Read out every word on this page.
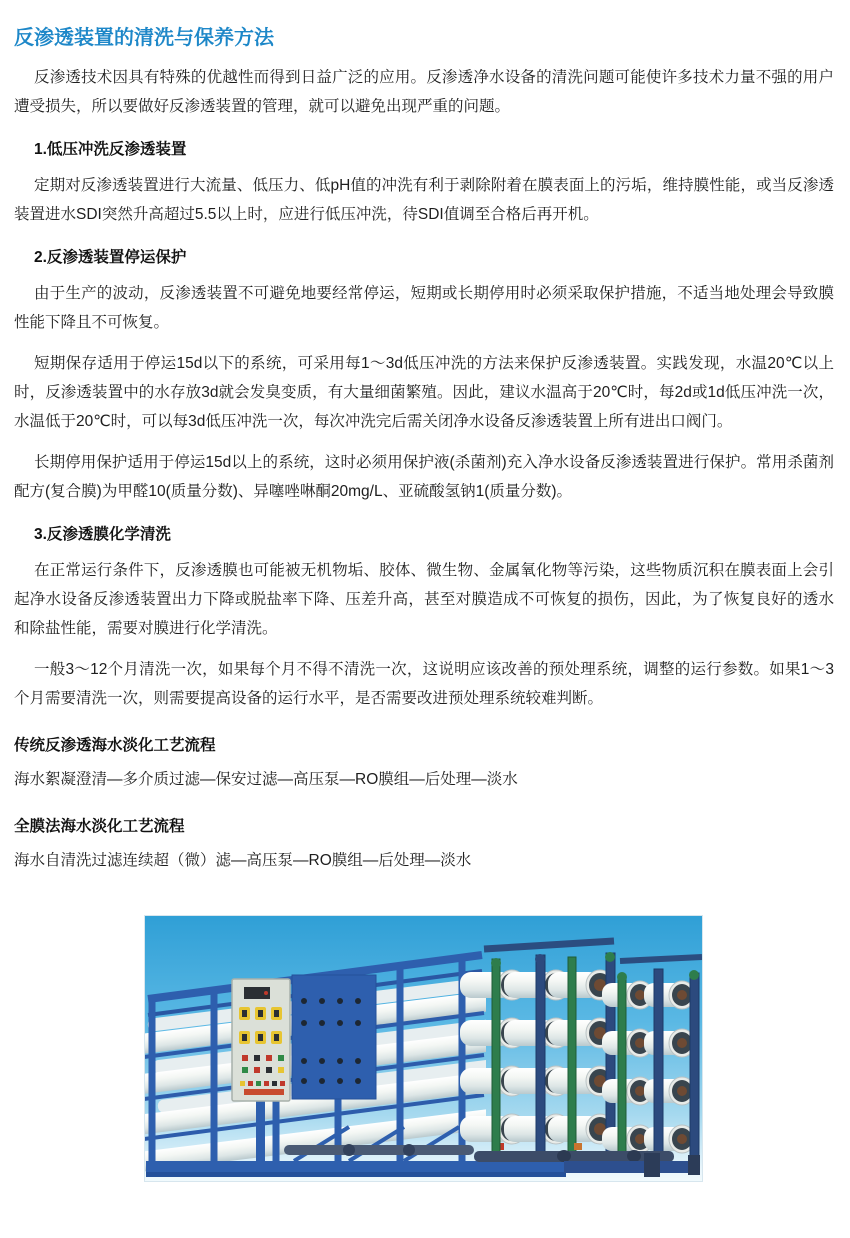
反渗透装置的清洗与保养方法

反渗透技术因具有特殊的优越性而得到日益广泛的应用。反渗透净水设备的清洗问题可能使许多技术力量不强的用户遭受损失，所以要做好反渗透装置的管理，就可以避免出现严重的问题。

1.低压冲洗反渗透装置

定期对反渗透装置进行大流量、低压力、低pH值的冲洗有利于剥除附着在膜表面上的污垢，维持膜性能，或当反渗透装置进水SDI突然升高超过5.5以上时，应进行低压冲洗，待SDI值调至合格后再开机。

2.反渗透装置停运保护

由于生产的波动，反渗透装置不可避免地要经常停运，短期或长期停用时必须采取保护措施，不适当地处理会导致膜性能下降且不可恢复。

短期保存适用于停运15d以下的系统，可采用每1～3d低压冲洗的方法来保护反渗透装置。实践发现，水温20℃以上时，反渗透装置中的水存放3d就会发臭变质，有大量细菌繁殖。因此，建议水温高于20℃时，每2d或1d低压冲洗一次，水温低于20℃时，可以每3d低压冲洗一次，每次冲洗完后需关闭净水设备反渗透装置上所有进出口阀门。

长期停用保护适用于停运15d以上的系统，这时必须用保护液(杀菌剂)充入净水设备反渗透装置进行保护。常用杀菌剂配方(复合膜)为甲醛10(质量分数)、异噻唑啉酮20mg/L、亚硫酸氢钠1(质量分数)。

3.反渗透膜化学清洗

在正常运行条件下，反渗透膜也可能被无机物垢、胶体、微生物、金属氧化物等污染，这些物质沉积在膜表面上会引起净水设备反渗透装置出力下降或脱盐率下降、压差升高，甚至对膜造成不可恢复的损伤，因此，为了恢复良好的透水和除盐性能，需要对膜进行化学清洗。

一般3～12个月清洗一次，如果每个月不得不清洗一次，这说明应该改善的预处理系统，调整的运行参数。如果1～3个月需要清洗一次，则需要提高设备的运行水平，是否需要改进预处理系统较难判断。

传统反渗透海水淡化工艺流程

海水絮凝澄清—多介质过滤—保安过滤—高压泵—RO膜组—后处理—淡水

全膜法海水淡化工艺流程

海水自清洗过滤连续超（微）滤—高压泵—RO膜组—后处理—淡水
